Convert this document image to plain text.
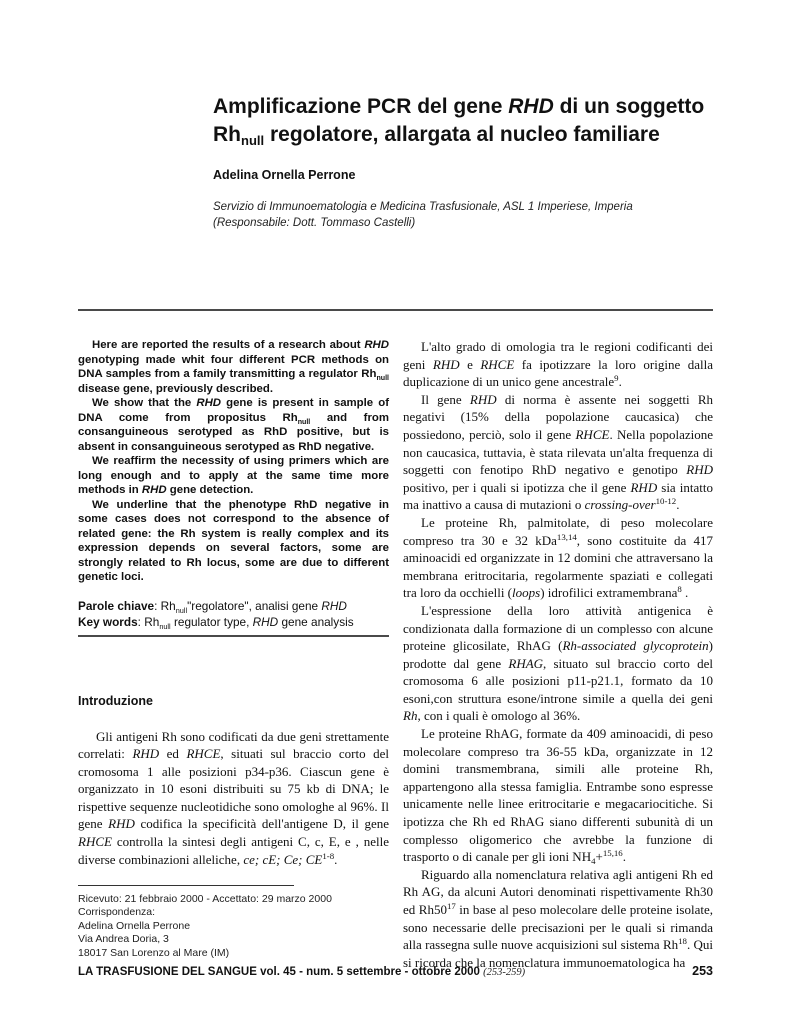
Amplificazione PCR del gene RHD di un soggetto $Rh_{null}$ regolatore, allargata al nucleo familiare
Adelina Ornella Perrone
Servizio di Immunoematologia e Medicina Trasfusionale, ASL 1 Imperiese, Imperia
(Responsabile: Dott. Tommaso Castelli)

Here are reported the results of a research about RHD genotyping made whit four different PCR methods on DNA samples from a family transmitting a regulator $Rh_{null}$ disease gene, previously described.

We show that the RHD gene is present in sample of DNA come from propositus $Rh_{null}$ and from consanguineous serotyped as RhD positive, but is absent in consanguineous serotyped as RhD negative.

We reaffirm the necessity of using primers which are long enough and to apply at the same time more methods in RHD gene detection.

We underline that the phenotype RhD negative in some cases does not correspond to the absence of related gene: the Rh system is really complex and its expression depends on several factors, some are strongly related to Rh locus, some are due to different genetic loci.

Parole chiave: $Rh_{null}"regolatore$", analisi gene RHD

Key words: $Rh_{null}$ regulator type, RHD gene analysis

Introduzione

Gli antigeni Rh sono codificati da due geni strettamente correlati: RHD ed RHCE, situati sul braccio corto del cromosoma 1 alle posizioni p34-p36. Ciascun gene è organizzato in 10 esoni distribuiti su 75 kb di DNA; le rispettive sequenze nucleotidiche sono omologhe al 96%. Il gene RHD codifica la specificità dell'antigene D, il gene RHCE controlla la sintesi degli antigeni C, c, E, e , nelle diverse combinazioni alleliche, ce; cE; Ce; CE$^{1-8}$.

Ricevuto: 21 febbraio 2000 - Accettato: 29 marzo 2000
Corrispondenza:
Adelina Ornella Perrone
Via Andrea Doria, 3
18017 San Lorenzo al Mare (IM)

L'alto grado di omologia tra le regioni codificanti dei geni RHD e RHCE fa ipotizzare la loro origine dalla duplicazione di un unico gene ancestrale$^9$.

Il gene RHD di norma è assente nei soggetti Rh negativi (15% della popolazione caucasica) che possiedono, perciò, solo il gene RHCE. Nella popolazione non caucasica, tuttavia, è stata rilevata un'alta frequenza di soggetti con fenotipo RhD negativo e genotipo RHD positivo, per i quali si ipotizza che il gene RHD sia intatto ma inattivo a causa di mutazioni o crossing-over$^{10-12}$.

Le proteine Rh, palmitolate, di peso molecolare compreso tra 30 e 32 kDa$^{13,14}$, sono costituite da 417 aminoacidi ed organizzate in 12 domini che attraversano la membrana eritrocitaria, regolarmente spaziati e collegati tra loro da occhielli (loops) idrofilici extramembrana$^8$ .

L'espressione della loro attività antigenica è condizionata dalla formazione di un complesso con alcune proteine glicosilate, RhAG (Rh-associated glycoprotein) prodotte dal gene RHAG, situato sul braccio corto del cromosoma 6 alle posizioni p11-p21.1, formato da 10 esoni,con struttura esone/introne simile a quella dei geni Rh, con i quali è omologo al 36%.

Le proteine RhAG, formate da 409 aminoacidi, di peso molecolare compreso tra 36-55 kDa, organizzate in 12 domini transmembrana, simili alle proteine Rh, appartengono alla stessa famiglia. Entrambe sono espresse unicamente nelle linee eritrocitarie e megacariocitiche. Si ipotizza che Rh ed RhAG siano differenti subunità di un complesso oligomerico che avrebbe la funzione di trasporto o di canale per gli ioni $NH_4+^{15,16}$.

Riguardo alla nomenclatura relativa agli antigeni Rh ed Rh AG, da alcuni Autori denominati rispettivamente Rh30 ed $Rh50^{17}$ in base al peso molecolare delle proteine isolate, sono necessarie delle precisazioni per le quali si rimanda alla rassegna sulle nuove acquisizioni sul sistema Rh$^{18}$. Qui si ricorda che la nomenclatura immunoematologica ha

LA TRASFUSIONE DEL SANGUE vol. 45 - num. 5 settembre - ottobre 2000 (253-259)	253
